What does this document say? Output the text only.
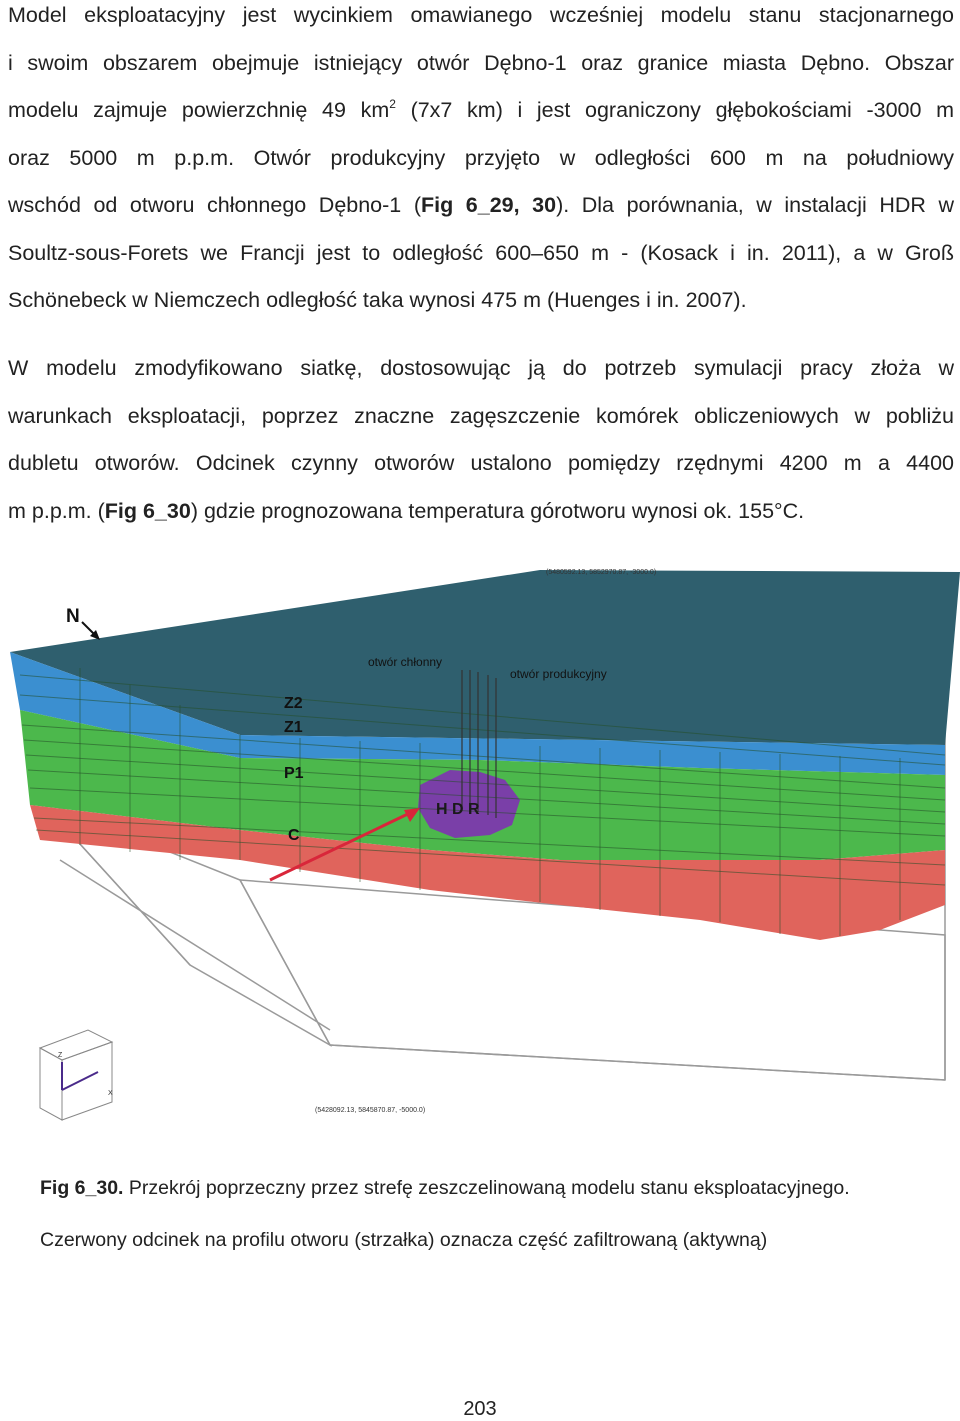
Model eksploatacyjny jest wycinkiem omawianego wcześniej modelu stanu stacjonarnego
i swoim obszarem obejmuje istniejący otwór Dębno-1 oraz granice miasta Dębno. Obszar
modelu zajmuje powierzchnię 49 $km^2$ (7x7 km) i jest ograniczony głębokościami -3000 m
oraz 5000 m p.p.m. Otwór produkcyjny przyjęto w odległości 600 m na południowy
wschód od otworu chłonnego Dębno-1 (Fig 6_29, 30). Dla porównania, w instalacji HDR w
Soultz-sous-Forets we Francji jest to odległość 600–650 m - (Kosack i in. 2011), a w Groß
Schönebeck w Niemczech odległość taka wynosi 475 m (Huenges i in. 2007).
W modelu zmodyfikowano siatkę, dostosowując ją do potrzeb symulacji pracy złoża w
warunkach eksploatacji, poprzez znaczne zagęszczenie komórek obliczeniowych w pobliżu
dubletu otworów. Odcinek czynny otworów ustalono pomiędzy rzędnymi 4200 m a 4400
m p.p.m. (Fig 6_30) gdzie prognozowana temperatura górotworu wynosi ok. 155°C.
N
(5480592.13, 5852970.87, -3000.0)
(5428092.13, 5845870.87, -5000.0)
otwór chłonny
otwór produkcyjny
H D R
Z2
Z1
P1
C
Z
X
Fig 6_30. Przekrój poprzeczny przez strefę zeszczelinowaną modelu stanu eksploatacyjnego.
Czerwony odcinek na profilu otworu (strzałka) oznacza część zafiltrowaną (aktywną)
203
